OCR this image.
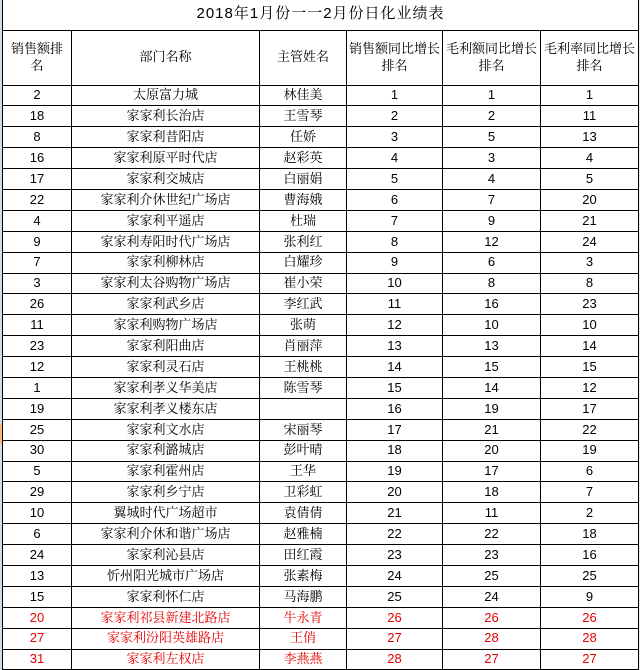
2018年1月份一一2月份日化业绩表					
销售额排名	部门名称	主管姓名	销售额同比增长排名	毛利额同比增长排名	毛利率同比增长排名
2	太原富力城	林佳美	1	1	1
18	家家利长治店	王雪琴	2	2	11
8	家家利昔阳店	任娇	3	5	13
16	家家利原平时代店	赵彩英	4	3	4
17	家家利交城店	白丽娟	5	4	5
22	家家利介休世纪广场店	曹海娥	6	7	20
4	家家利平遥店	杜瑞	7	9	21
9	家家利寿阳时代广场店	张利红	8	12	24
7	家家利柳林店	白耀珍	9	6	3
3	家家利太谷购物广场店	崔小荣	10	8	8
26	家家利武乡店	李红武	11	16	23
11	家家利购物广场店	张萌	12	10	10
23	家家利阳曲店	肖丽萍	13	13	14
12	家家利灵石店	王桃桃	14	15	15
1	家家利孝义华美店	陈雪琴	15	14	12
19	家家利孝义楼东店		16	19	17
25	家家利文水店	宋丽琴	17	21	22
30	家家利潞城店	彭叶晴	18	20	19
5	家家利霍州店	王华	19	17	6
29	家家利乡宁店	卫彩虹	20	18	7
10	翼城时代广场超市	袁倩倩	21	11	2
6	家家利介休和谐广场店	赵雅楠	22	22	18
24	家家利沁县店	田红霞	23	23	16
13	忻州阳光城市广场店	张素梅	24	25	25
15	家家利怀仁店	马海鹏	25	24	9
20	家家利祁县新建北路店	牛永青	26	26	26
27	家家利汾阳英雄路店	王俏	27	28	28
31	家家利左权店	李燕燕	28	27	27
